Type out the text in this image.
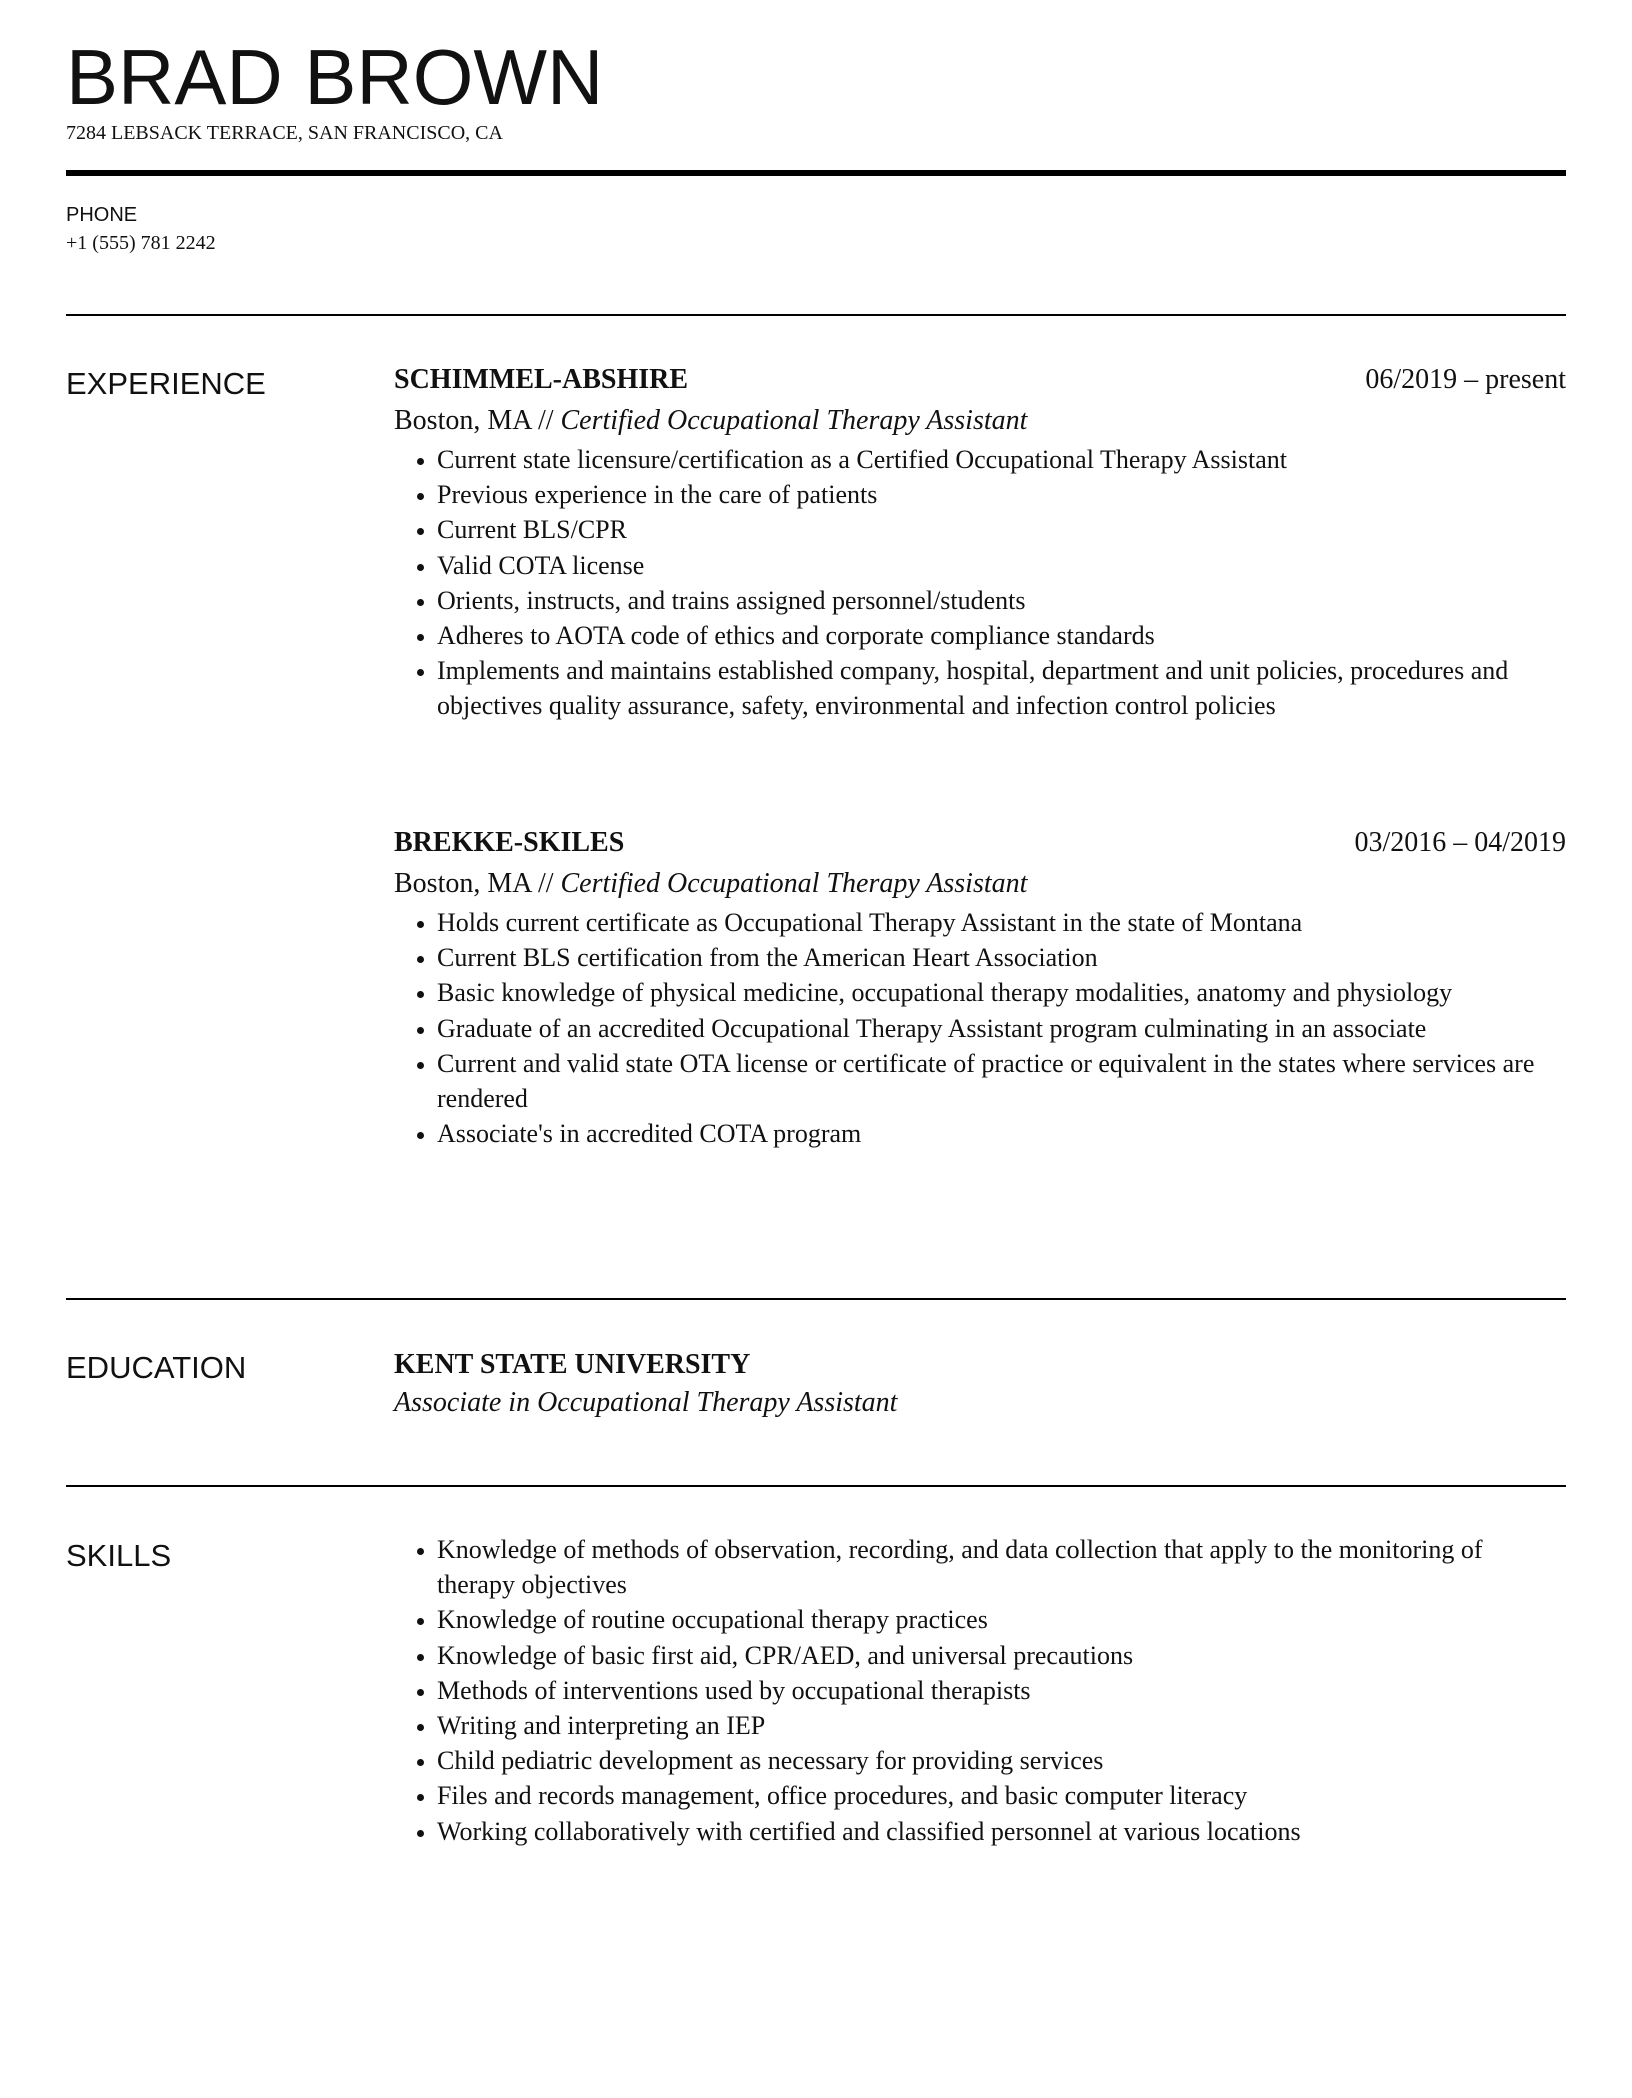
BRAD BROWN
7284 LEBSACK TERRACE, SAN FRANCISCO, CA
PHONE
+1 (555) 781 2242
EXPERIENCE	SCHIMMEL-ABSHIRE	06/2019 – present
Boston, MA // Certified Occupational Therapy Assistant
• Current state licensure/certification as a Certified Occupational Therapy Assistant
• Previous experience in the care of patients
• Current BLS/CPR
• Valid COTA license
• Orients, instructs, and trains assigned personnel/students
• Adheres to AOTA code of ethics and corporate compliance standards
• Implements and maintains established company, hospital, department and unit policies, procedures and objectives quality assurance, safety, environmental and infection control policies
BREKKE-SKILES	03/2016 – 04/2019
Boston, MA // Certified Occupational Therapy Assistant
• Holds current certificate as Occupational Therapy Assistant in the state of Montana
• Current BLS certification from the American Heart Association
• Basic knowledge of physical medicine, occupational therapy modalities, anatomy and physiology
• Graduate of an accredited Occupational Therapy Assistant program culminating in an associate
• Current and valid state OTA license or certificate of practice or equivalent in the states where services are rendered
• Associate's in accredited COTA program
EDUCATION	KENT STATE UNIVERSITY
Associate in Occupational Therapy Assistant
SKILLS
•	Knowledge of methods of observation, recording, and data collection that apply to the monitoring of therapy objectives
• Knowledge of routine occupational therapy practices
• Knowledge of basic first aid, CPR/AED, and universal precautions
• Methods of interventions used by occupational therapists
• Writing and interpreting an IEP
• Child pediatric development as necessary for providing services
• Files and records management, office procedures, and basic computer literacy
• Working collaboratively with certified and classified personnel at various locations
